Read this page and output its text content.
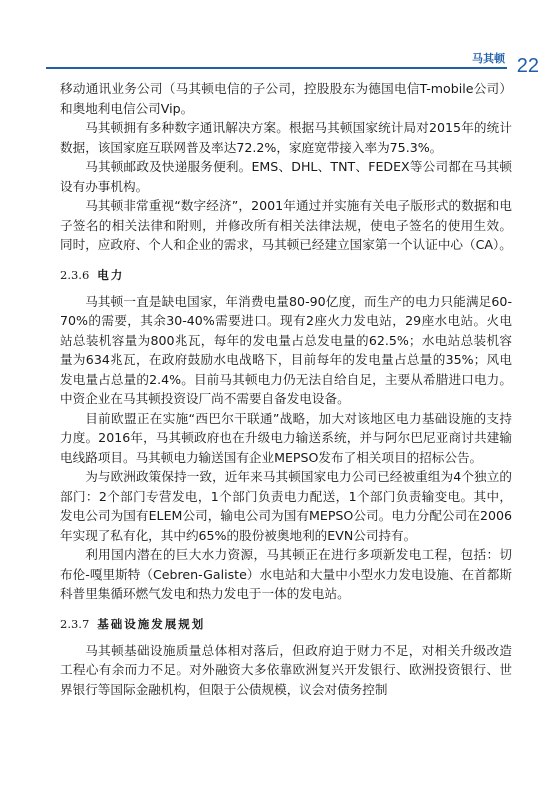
马其顿 22

移动通讯业务公司（马其顿电信的子公司，控股股东为德国电信T-mobile公司）和奥地利电信公司Vip。

马其顿拥有多种数字通讯解决方案。根据马其顿国家统计局对2015年的统计数据，该国家庭互联网普及率达72.2%，家庭宽带接入率为75.3%。

马其顿邮政及快递服务便利。EMS、DHL、TNT、FEDEX等公司都在马其顿设有办事机构。

马其顿非常重视“数字经济”，2001年通过并实施有关电子版形式的数据和电子签名的相关法律和附则，并修改所有相关法律法规，使电子签名的使用生效。同时，应政府、个人和企业的需求，马其顿已经建立国家第一个认证中心（CA）。

2.3.6 电力

马其顿一直是缺电国家，年消费电量80-90亿度，而生产的电力只能满足60-70%的需要，其余30-40%需要进口。现有2座火力发电站，29座水电站。火电站总装机容量为800兆瓦，每年的发电量占总发电量的62.5%；水电站总装机容量为634兆瓦，在政府鼓励水电战略下，目前每年的发电量占总量的35%；风电发电量占总量的2.4%。目前马其顿电力仍无法自给自足，主要从希腊进口电力。中资企业在马其顿投资设厂尚不需要自备发电设备。

目前欧盟正在实施“西巴尔干联通”战略，加大对该地区电力基础设施的支持力度。2016年，马其顿政府也在升级电力输送系统，并与阿尔巴尼亚商讨共建输电线路项目。马其顿电力输送国有企业MEPSO发布了相关项目的招标公告。

为与欧洲政策保持一致，近年来马其顿国家电力公司已经被重组为4个独立的部门：2个部门专营发电，1个部门负责电力配送，1个部门负责输变电。其中，发电公司为国有ELEM公司，输电公司为国有MEPSO公司。电力分配公司在2006年实现了私有化，其中约65%的股份被奥地利的EVN公司持有。

利用国内潜在的巨大水力资源，马其顿正在进行多项新发电工程，包括：切布伦-嘎里斯特（Cebren-Galiste）水电站和大量中小型水力发电设施、在首都斯科普里集循环燃气发电和热力发电于一体的发电站。

2.3.7 基础设施发展规划

马其顿基础设施质量总体相对落后，但政府迫于财力不足，对相关升级改造工程心有余而力不足。对外融资大多依靠欧洲复兴开发银行、欧洲投资银行、世界银行等国际金融机构，但限于公债规模，议会对债务控制
